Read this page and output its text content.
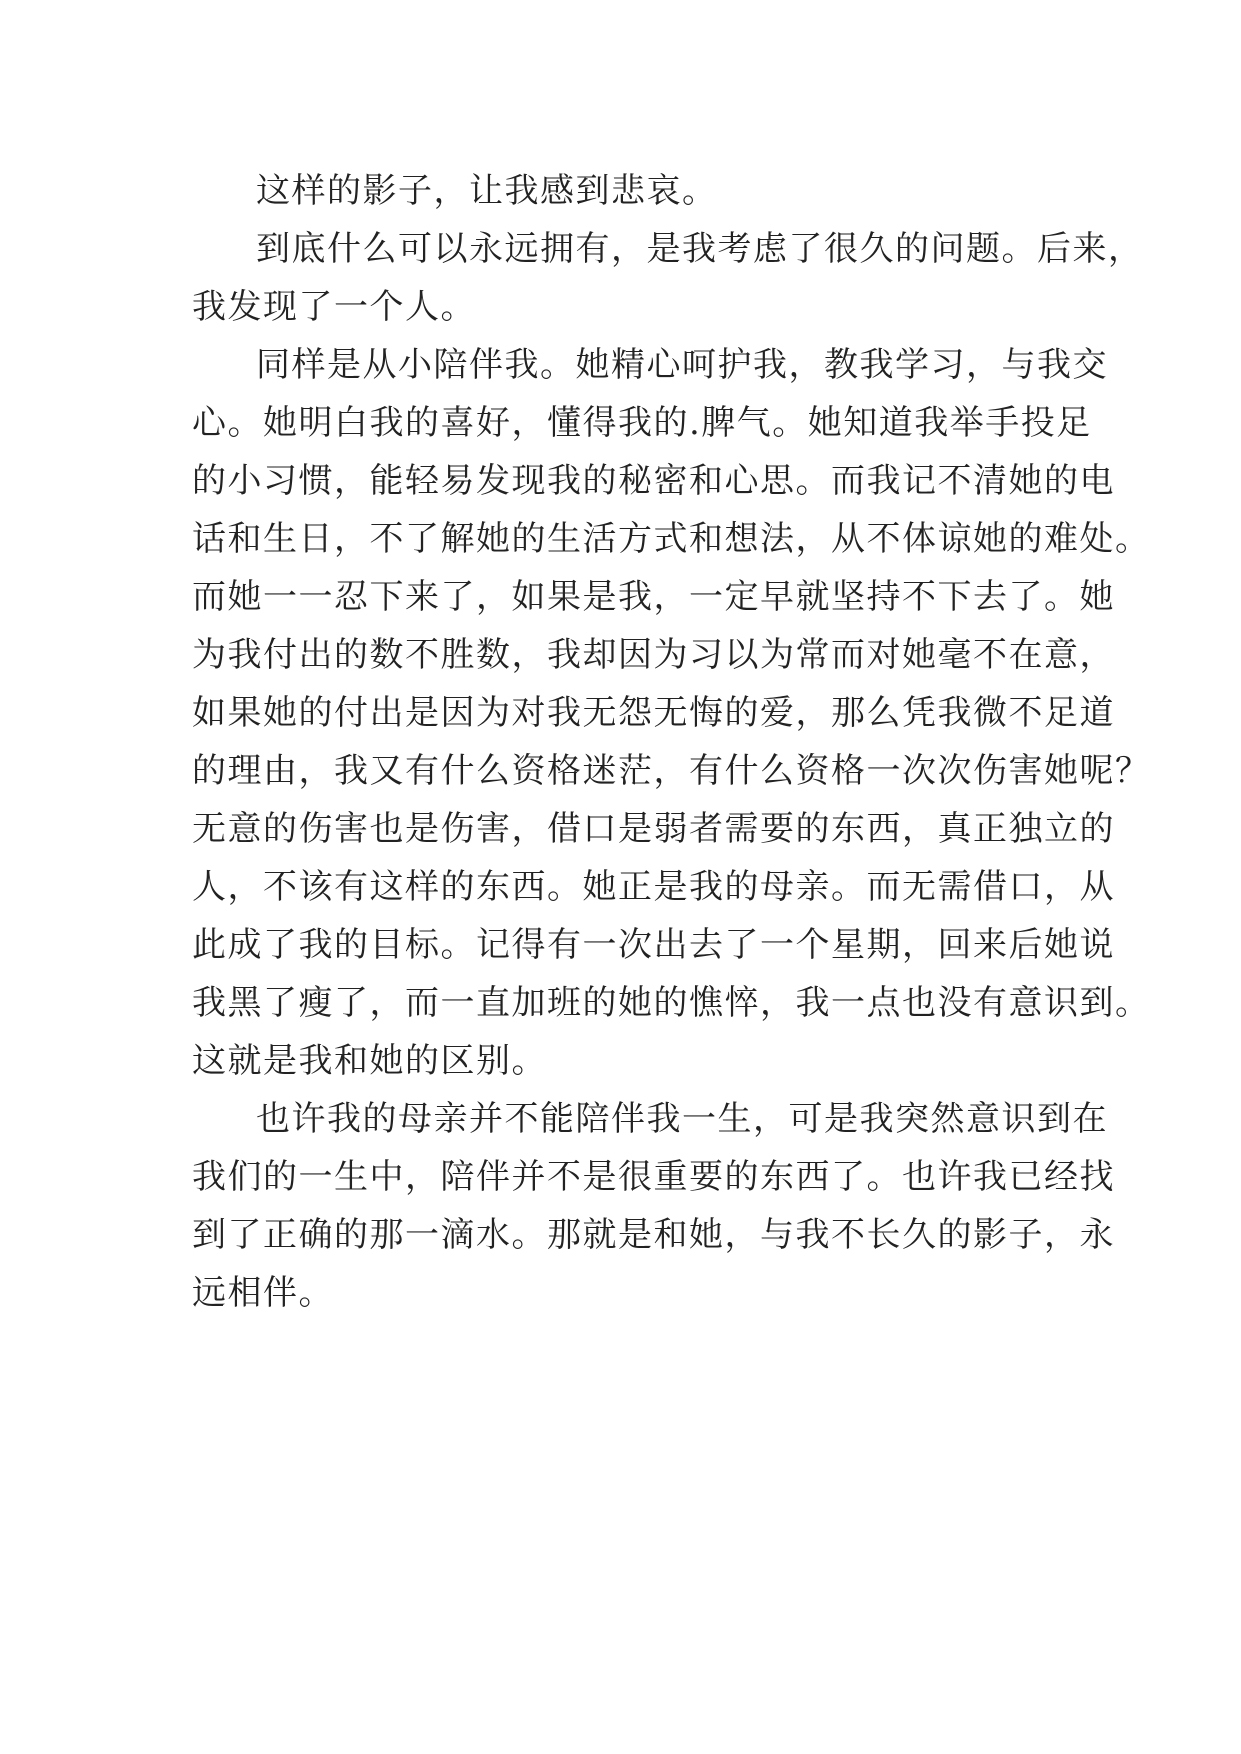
这样的影子，让我感到悲哀。
到底什么可以永远拥有，是我考虑了很久的问题。后来，
我发现了一个人。
同样是从小陪伴我。她精心呵护我，教我学习，与我交
心。她明白我的喜好，懂得我的.脾气。她知道我举手投足
的小习惯，能轻易发现我的秘密和心思。而我记不清她的电
话和生日，不了解她的生活方式和想法，从不体谅她的难处。
而她一一忍下来了，如果是我，一定早就坚持不下去了。她
为我付出的数不胜数，我却因为习以为常而对她毫不在意，
如果她的付出是因为对我无怨无悔的爱，那么凭我微不足道
的理由，我又有什么资格迷茫，有什么资格一次次伤害她呢？
无意的伤害也是伤害，借口是弱者需要的东西，真正独立的
人，不该有这样的东西。她正是我的母亲。而无需借口，从
此成了我的目标。记得有一次出去了一个星期，回来后她说
我黑了瘦了，而一直加班的她的憔悴，我一点也没有意识到。
这就是我和她的区别。
也许我的母亲并不能陪伴我一生，可是我突然意识到在
我们的一生中，陪伴并不是很重要的东西了。也许我已经找
到了正确的那一滴水。那就是和她，与我不长久的影子，永
远相伴。
